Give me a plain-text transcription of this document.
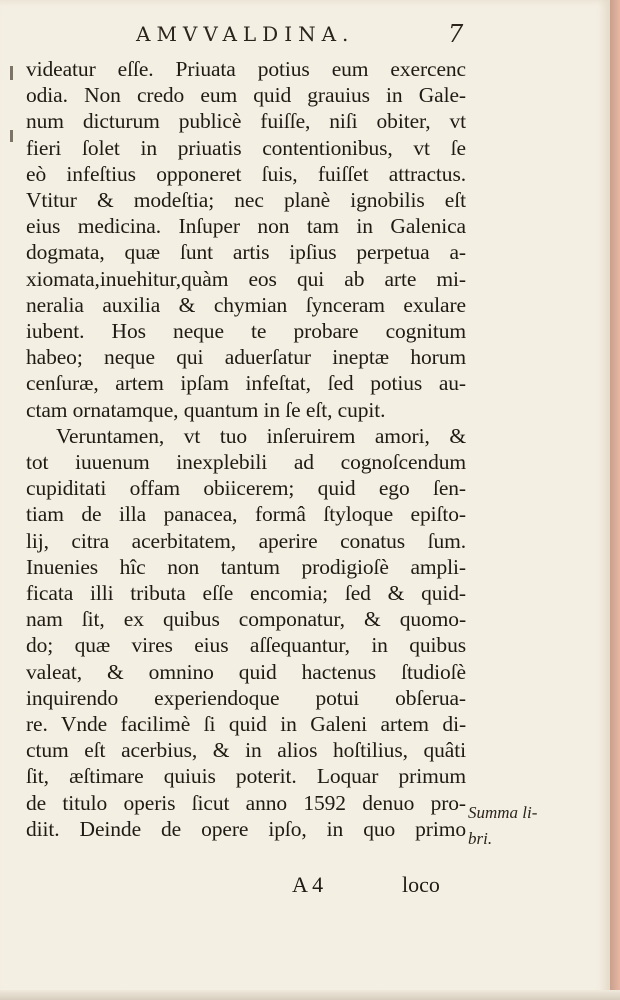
AMVVALDINA.	7
videatur eſſe. Priuata potius eum exercenc
odia. Non credo eum quid grauius in Gale-
num dicturum publicè fuiſſe, niſi obiter, vt
fieri ſolet in priuatis contentionibus, vt ſe
eò infeſtius opponeret ſuis, fuiſſet attractus.
Vtitur & modeſtia; nec planè ignobilis eſt
eius medicina. Inſuper non tam in Galenica
dogmata, quæ ſunt artis ipſius perpetua a-
xiomata,inuehitur,quàm eos qui ab arte mi-
neralia auxilia & chymian ſynceram exulare
iubent. Hos neque te probare cognitum
habeo; neque qui aduerſatur ineptæ horum
cenſuræ, artem ipſam infeſtat, ſed potius au-
ctam ornatamque, quantum in ſe eſt, cupit.
Veruntamen, vt tuo inſeruirem amori, &
tot iuuenum inexplebili ad cognoſcendum
cupiditati offam obiicerem; quid ego ſen-
tiam de illa panacea, formâ ſtyloque epiſto-
lij, citra acerbitatem, aperire conatus ſum.
Inuenies hîc non tantum prodigioſè ampli-
ficata illi tributa eſſe encomia; ſed & quid-
nam ſit, ex quibus componatur, & quomo-
do; quæ vires eius aſſequantur, in quibus
valeat, & omnino quid hactenus ſtudioſè
inquirendo experiendoque potui obſerua-
re. Vnde facilimè ſi quid in Galeni artem di-
ctum eſt acerbius, & in alios hoſtilius, quâti
ſit, æſtimare quiuis poterit. Loquar primum
de titulo operis ſicut anno 1592 denuo pro-
diit. Deinde de opere ipſo, in quo primo
Summa li-
bri.
A 4	loco
